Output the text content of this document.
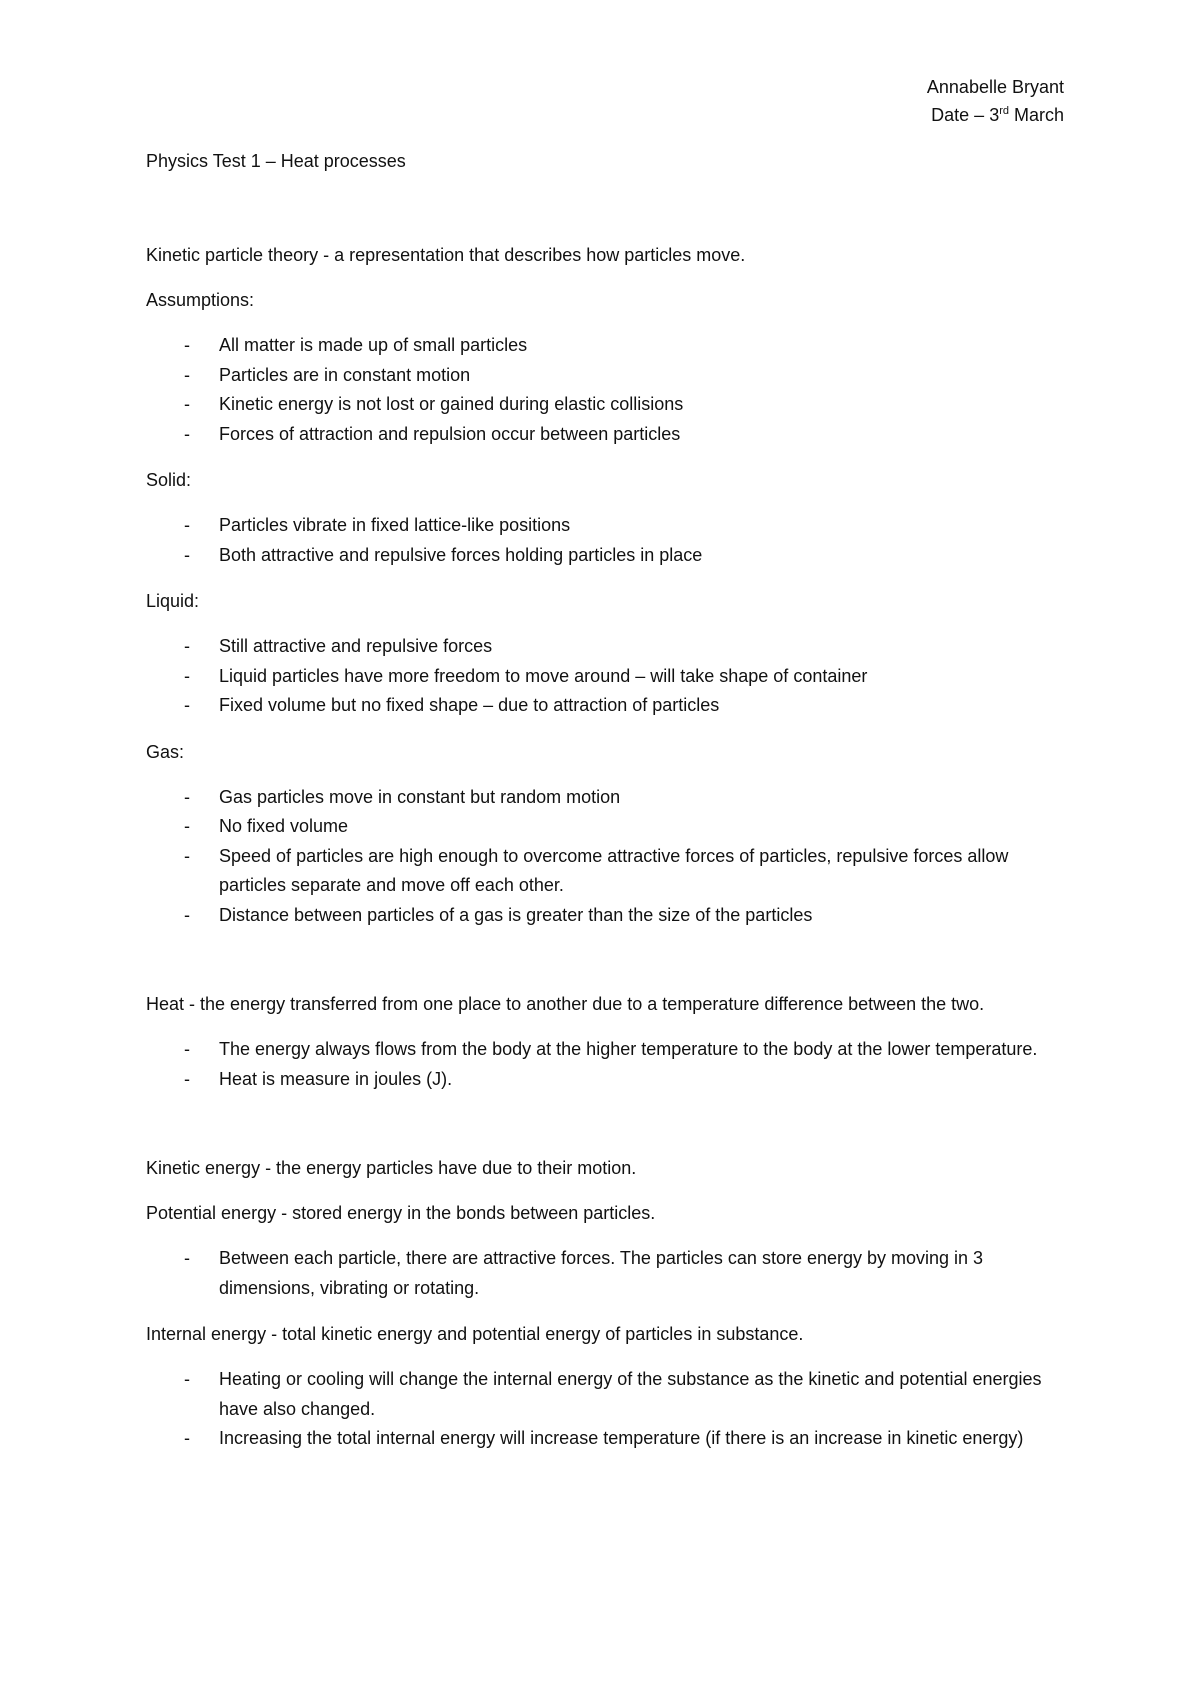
Annabelle Bryant
Date – 3rd March

Physics Test 1 – Heat processes

Kinetic particle theory - a representation that describes how particles move.

Assumptions:

- All matter is made up of small particles
- Particles are in constant motion
- Kinetic energy is not lost or gained during elastic collisions
- Forces of attraction and repulsion occur between particles

Solid:

- Particles vibrate in fixed lattice-like positions
- Both attractive and repulsive forces holding particles in place

Liquid:

- Still attractive and repulsive forces
- Liquid particles have more freedom to move around – will take shape of container
- Fixed volume but no fixed shape – due to attraction of particles

Gas:

- Gas particles move in constant but random motion
- No fixed volume
- Speed of particles are high enough to overcome attractive forces of particles, repulsive forces allow particles separate and move off each other.
- Distance between particles of a gas is greater than the size of the particles

Heat - the energy transferred from one place to another due to a temperature difference between the two.

- The energy always flows from the body at the higher temperature to the body at the lower temperature.
- Heat is measure in joules (J).

Kinetic energy - the energy particles have due to their motion.

Potential energy - stored energy in the bonds between particles.

- Between each particle, there are attractive forces. The particles can store energy by moving in 3 dimensions, vibrating or rotating.

Internal energy - total kinetic energy and potential energy of particles in substance.

- Heating or cooling will change the internal energy of the substance as the kinetic and potential energies have also changed.
- Increasing the total internal energy will increase temperature (if there is an increase in kinetic energy)
